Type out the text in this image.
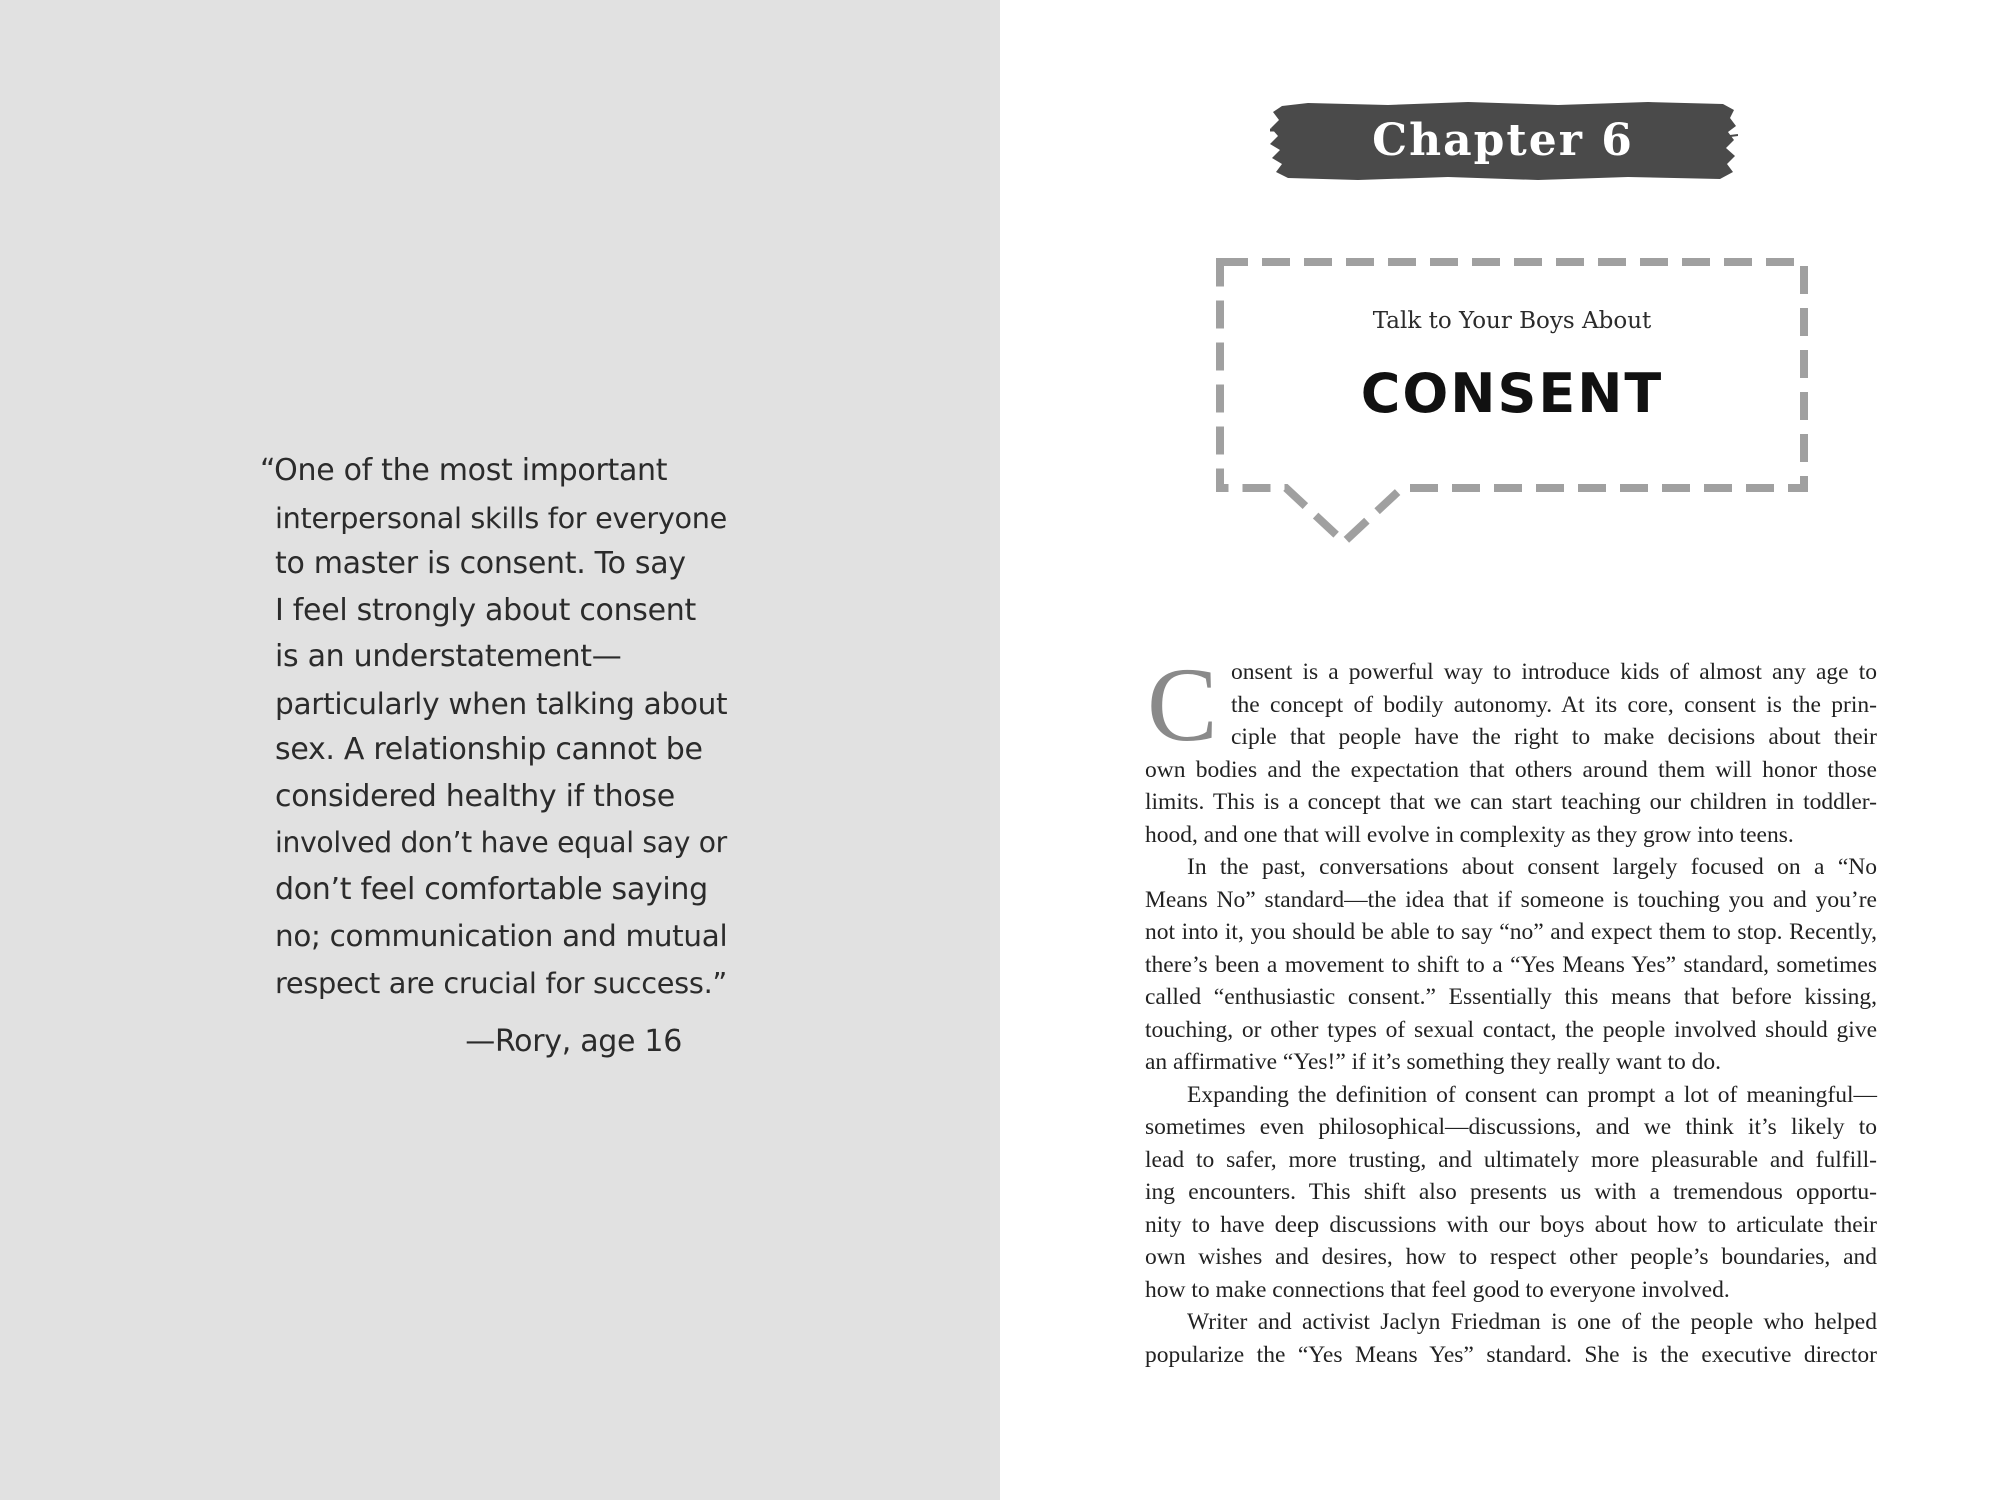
“One of the most important
interpersonal skills for everyone
to master is consent. To say
I feel strongly about consent
is an understatement—
particularly when talking about
sex. A relationship cannot be
considered healthy if those
involved don’t have equal say or
don’t feel comfortable saying
no; communication and mutual
respect are crucial for success.”
—Rory, age 16
Chapter 6
Talk to Your Boys About
CONSENT
C onsent is a powerful way to introduce kids of almost any age to
the concept of bodily autonomy. At its core, consent is the prin-
ciple that people have the right to make decisions about their
own bodies and the expectation that others around them will honor those
limits. This is a concept that we can start teaching our children in toddler-
hood, and one that will evolve in complexity as they grow into teens.
In the past, conversations about consent largely focused on a “No
Means No” standard—the idea that if someone is touching you and you’re
not into it, you should be able to say “no” and expect them to stop. Recently,
there’s been a movement to shift to a “Yes Means Yes” standard, sometimes
called “enthusiastic consent.” Essentially this means that before kissing,
touching, or other types of sexual contact, the people involved should give
an affirmative “Yes!” if it’s something they really want to do.
Expanding the definition of consent can prompt a lot of meaningful—
sometimes even philosophical—discussions, and we think it’s likely to
lead to safer, more trusting, and ultimately more pleasurable and fulfill-
ing encounters. This shift also presents us with a tremendous opportu-
nity to have deep discussions with our boys about how to articulate their
own wishes and desires, how to respect other people’s boundaries, and
how to make connections that feel good to everyone involved.
Writer and activist Jaclyn Friedman is one of the people who helped
popularize the “Yes Means Yes” standard. She is the executive director
